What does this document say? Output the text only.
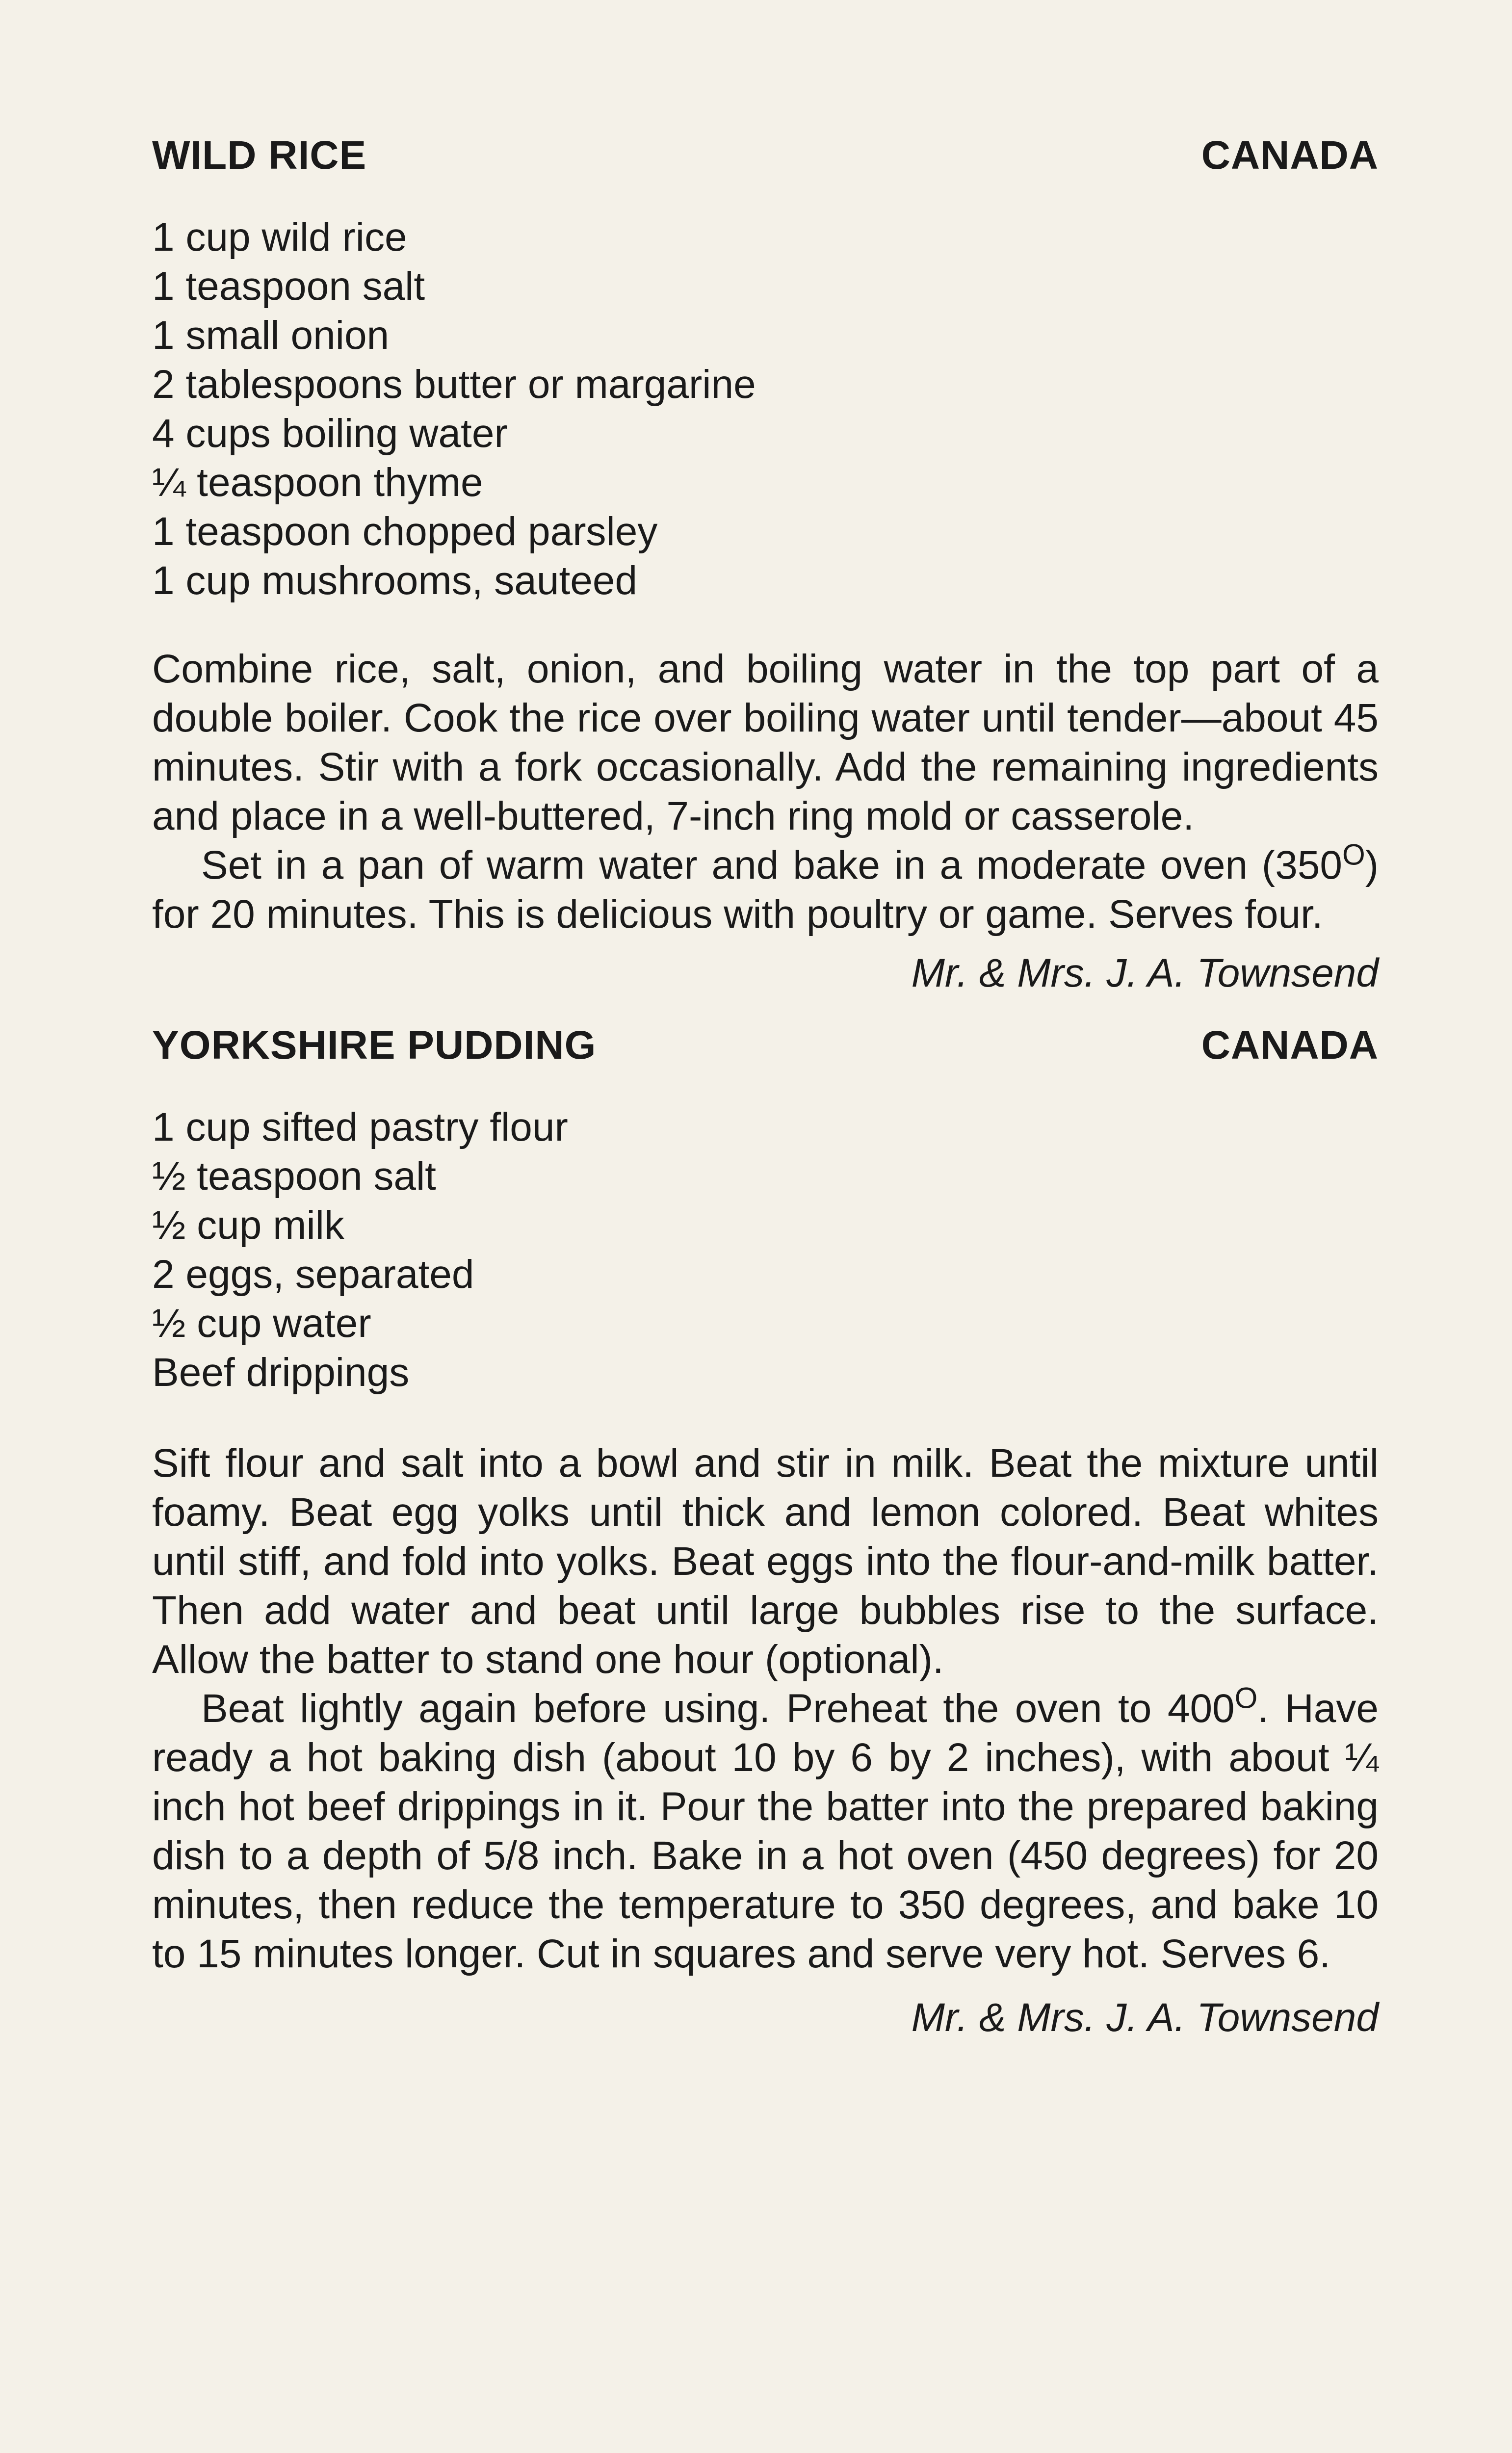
WILD RICE	CANADA
1 cup wild rice
1 teaspoon salt
1 small onion
2 tablespoons butter or margarine
4 cups boiling water
¼ teaspoon thyme
1 teaspoon chopped parsley
1 cup mushrooms, sauteed

Combine rice, salt, onion, and boiling water in the top part of a double boiler. Cook the rice over boiling water until tender—about 45 minutes. Stir with a fork occasionally. Add the remaining ingredients and place in a well-buttered, 7-inch ring mold or casserole.

Set in a pan of warm water and bake in a moderate oven $(350^O)$ for 20 minutes. This is delicious with poultry or game. Serves four.

Mr. & Mrs. J. A. Townsend
YORKSHIRE PUDDING	CANADA
1 cup sifted pastry flour
½ teaspoon salt
½ cup milk
2 eggs, separated
½ cup water
Beef drippings

Sift flour and salt into a bowl and stir in milk. Beat the mixture until foamy. Beat egg yolks until thick and lemon colored. Beat whites until stiff, and fold into yolks. Beat eggs into the flour-and-milk batter. Then add water and beat until large bubbles rise to the surface. Allow the batter to stand one hour (optional).

Beat lightly again before using. Preheat the oven to $400^O$. Have ready a hot baking dish (about 10 by 6 by 2 inches), with about ¼ inch hot beef drippings in it. Pour the batter into the prepared baking dish to a depth of 5/8 inch. Bake in a hot oven (450 degrees) for 20 minutes, then reduce the temperature to 350 degrees, and bake 10 to 15 minutes longer. Cut in squares and serve very hot. Serves 6.

Mr. & Mrs. J. A. Townsend
